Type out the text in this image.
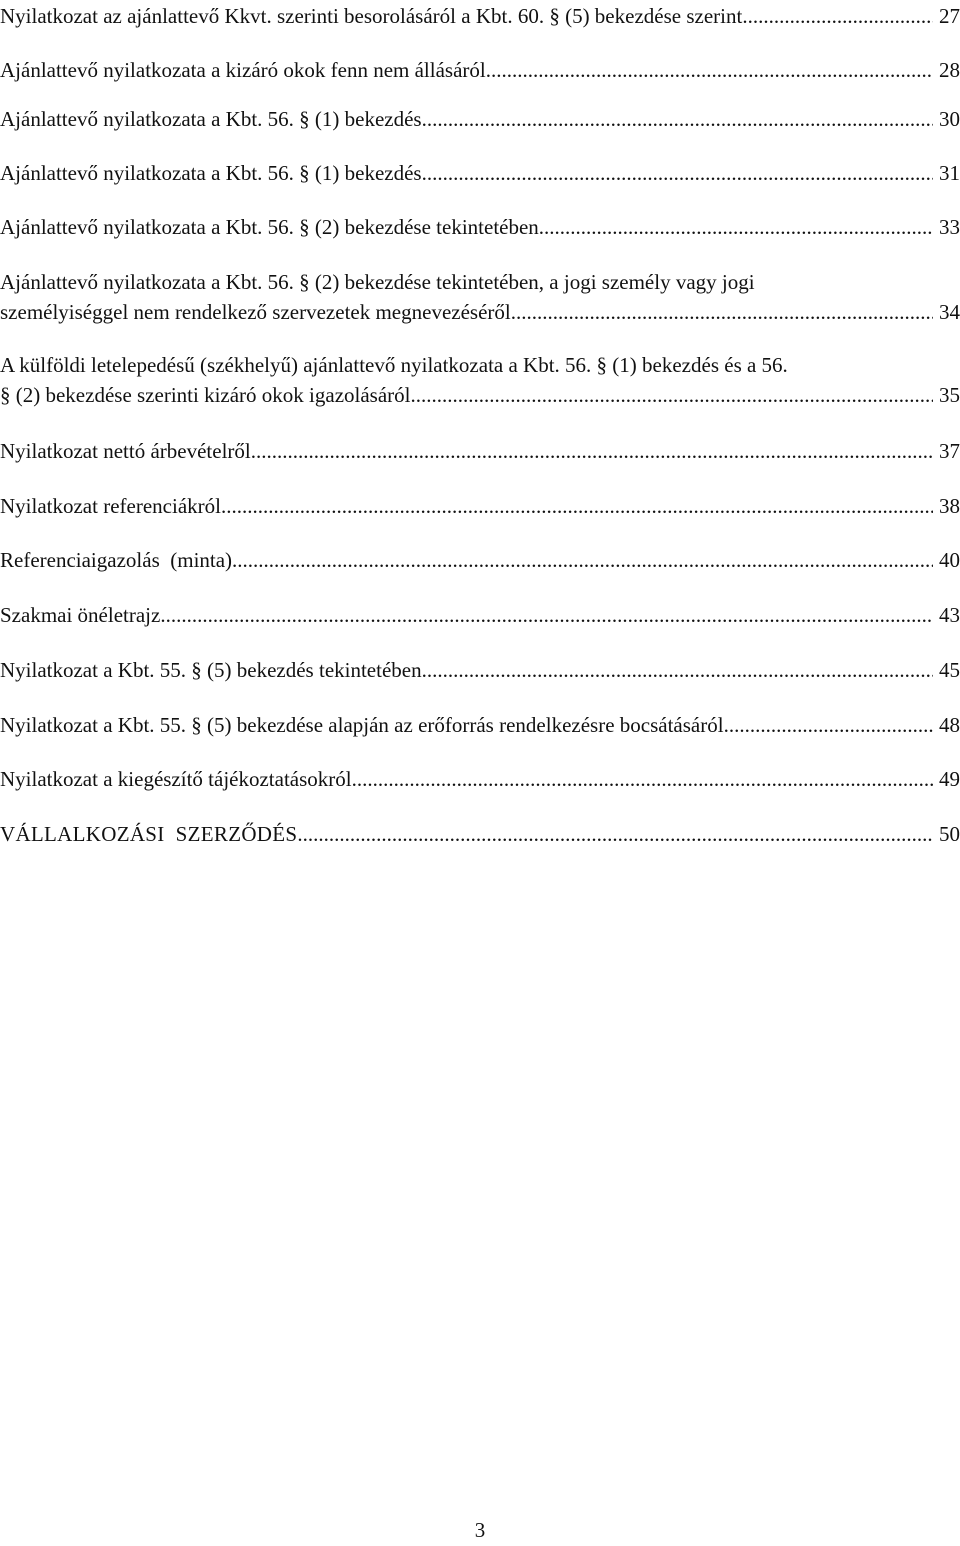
Nyilatkozat az ajánlattevő Kkvt. szerinti besorolásáról a Kbt. 60. § (5) bekezdése szerint .....	27
Ajánlattevő nyilatkozata a kizáró okok fenn nem állásáról .....	28
Ajánlattevő nyilatkozata a Kbt. 56. § (1) bekezdés .....	30
Ajánlattevő nyilatkozata a Kbt. 56. § (1) bekezdés .....	31
Ajánlattevő nyilatkozata a Kbt. 56. § (2) bekezdése tekintetében .....	33
Ajánlattevő nyilatkozata a Kbt. 56. § (2) bekezdése tekintetében, a jogi személy vagy jogi
személyiséggel nem rendelkező szervezetek megnevezéséről .....	34
A külföldi letelepedésű (székhelyű) ajánlattevő nyilatkozata a Kbt. 56. § (1) bekezdés és a 56.
§ (2) bekezdése szerinti kizáró okok igazolásáról .....	35
Nyilatkozat nettó árbevételről .....	37
Nyilatkozat referenciákról .....	38
Referenciaigazolás  (minta) .....	40
Szakmai önéletrajz .....	43
Nyilatkozat a Kbt. 55. § (5) bekezdés tekintetében .....	45
Nyilatkozat a Kbt. 55. § (5) bekezdése alapján az erőforrás rendelkezésre bocsátásáról .....	48
Nyilatkozat a kiegészítő tájékoztatásokról .....	49
VÁLLALKOZÁSI  SZERZŐDÉS .....	50
3
